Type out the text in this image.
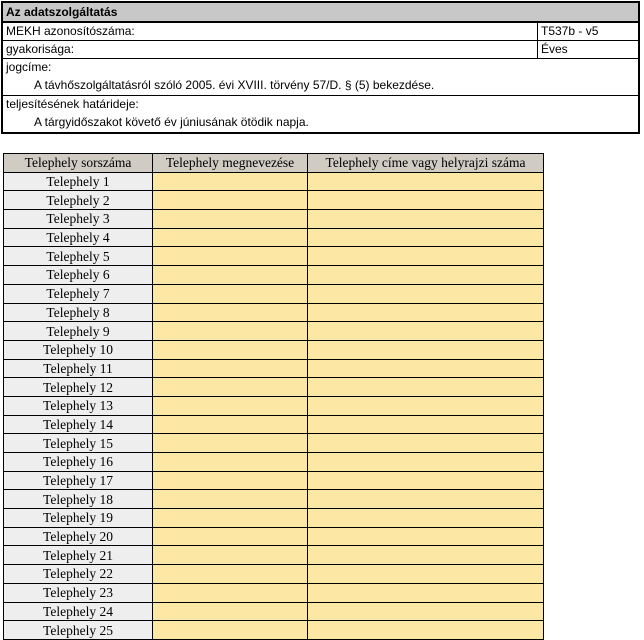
Az adatszolgáltatás
MEKH azonosítószáma:	T537b - v5
gyakorisága:	Éves
jogcíme:
A távhőszolgáltatásról szóló 2005. évi XVIII. törvény 57/D. § (5) bekezdése.
teljesítésének határideje:
A tárgyidőszakot követő év júniusának ötödik napja.
Telephely sorszáma	Telephely megnevezése	Telephely címe vagy helyrajzi száma
Telephely 1		
Telephely 2		
Telephely 3		
Telephely 4		
Telephely 5		
Telephely 6		
Telephely 7		
Telephely 8		
Telephely 9		
Telephely 10		
Telephely 11		
Telephely 12		
Telephely 13		
Telephely 14		
Telephely 15		
Telephely 16		
Telephely 17		
Telephely 18		
Telephely 19		
Telephely 20		
Telephely 21		
Telephely 22		
Telephely 23		
Telephely 24		
Telephely 25		
